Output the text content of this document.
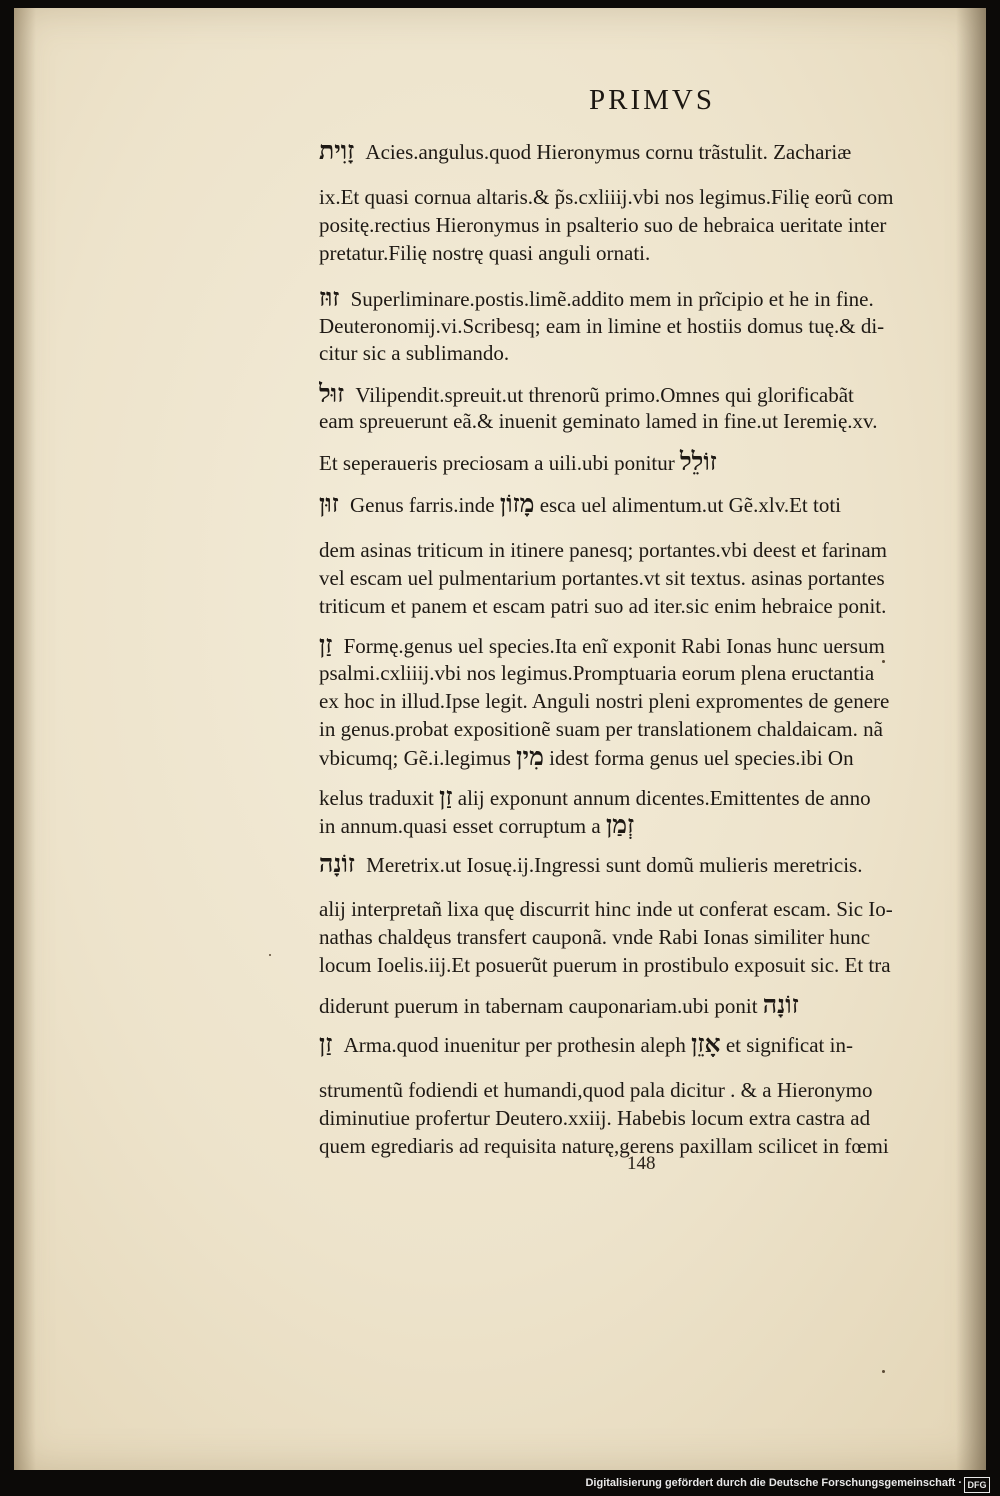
PRIMVS
זָוִית Acies.angulus.quod Hieronymus cornu trãstulit. Zachariæ
ix.Et quasi cornua altaris.& p̃s.cxliiij.vbi nos legimus.Filię eorũ com
positę.rectius Hieronymus in psalterio suo de hebraica ueritate inter
pretatur.Filię nostrę quasi anguli ornati.
זוּז Superliminare.postis.limẽ.addito mem in prĩcipio et he in fine.
Deuteronomij.vi.Scribesq; eam in limine et hostiis domus tuę.& di-
citur sic a sublimando.
זוּל Vilipendit.spreuit.ut threnorũ primo.Omnes qui glorificabãt
eam spreuerunt eã.& inuenit geminato lamed in fine.ut Ieremię.xv.
Et seperaueris preciosam a uili.ubi ponitur זוֹלֵל
זוּן Genus farris.inde מָזוֹן esca uel alimentum.ut Gẽ.xlv.Et toti
dem asinas triticum in itinere panesq; portantes.vbi deest et farinam
vel escam uel pulmentarium portantes.vt sit textus. asinas portantes
triticum et panem et escam patri suo ad iter.sic enim hebraice ponit.
זַן Formę.genus uel species.Ita enĩ exponit Rabi Ionas hunc uersum
psalmi.cxliiij.vbi nos legimus.Promptuaria eorum plena eructantia
ex hoc in illud.Ipse legit. Anguli nostri pleni expromentes de genere
in genus.probat expositionẽ suam per translationem chaldaicam. nã
vbicumq; Gẽ.i.legimus מִין idest forma genus uel species.ibi On
kelus traduxit זַן alij exponunt annum dicentes.Emittentes de anno
in annum.quasi esset corruptum a זְמַן
זוֹנָה Meretrix.ut Iosuę.ij.Ingressi sunt domũ mulieris meretricis.
alij interpretañ lixa quę discurrit hinc inde ut conferat escam. Sic Io-
nathas chaldęus transfert cauponã. vnde Rabi Ionas similiter hunc
locum Ioelis.iij.Et posuerũt puerum in prostibulo exposuit sic. Et tra
diderunt puerum in tabernam cauponariam.ubi ponit זוֹנָה
זַן Arma.quod inuenitur per prothesin aleph אָזֵן et significat in-
strumentũ fodiendi et humandi,quod pala dicitur . & a Hieronymo
diminutiue profertur Deutero.xxiij. Habebis locum extra castra ad
quem egrediaris ad requisita naturę,gerens paxillam scilicet in fœmi
148
Digitalisierung gefördert durch die Deutsche Forschungsgemeinschaft · DFG
